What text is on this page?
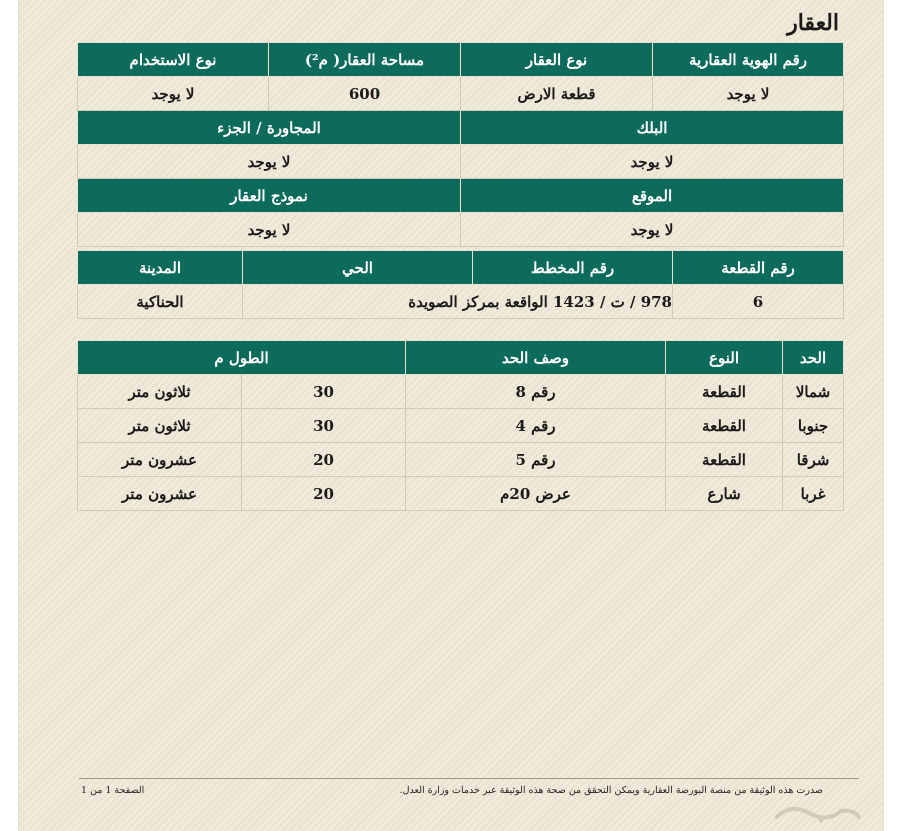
العقار
رقم الهوية العقارية	نوع العقار	مساحة العقار( م²)	نوع الاستخدام
لا يوجد	قطعة الارض	600	لا يوجد
البلك		المجاورة / الجزء	
لا يوجد		لا يوجد	
الموقع		نموذج العقار	
لا يوجد		لا يوجد	
رقم القطعة	رقم المخطط	الحي	المدينة
6	978 / ت / 1423 الواقعة بمركز الصويدة		الحناكية
الحد	النوع	وصف الحد	الطول م	
شمالا	القطعة	رقم 8	30	ثلاثون متر
جنوبا	القطعة	رقم 4	30	ثلاثون متر
شرقا	القطعة	رقم 5	20	عشرون متر
غربا	شارع	عرض 20م	20	عشرون متر
صدرت هذه الوثيقة من منصة البورصة العقارية ويمكن التحقق من صحة هذه الوثيقة عبر خدمات وزارة العدل.
الصفحة 1 من 1
